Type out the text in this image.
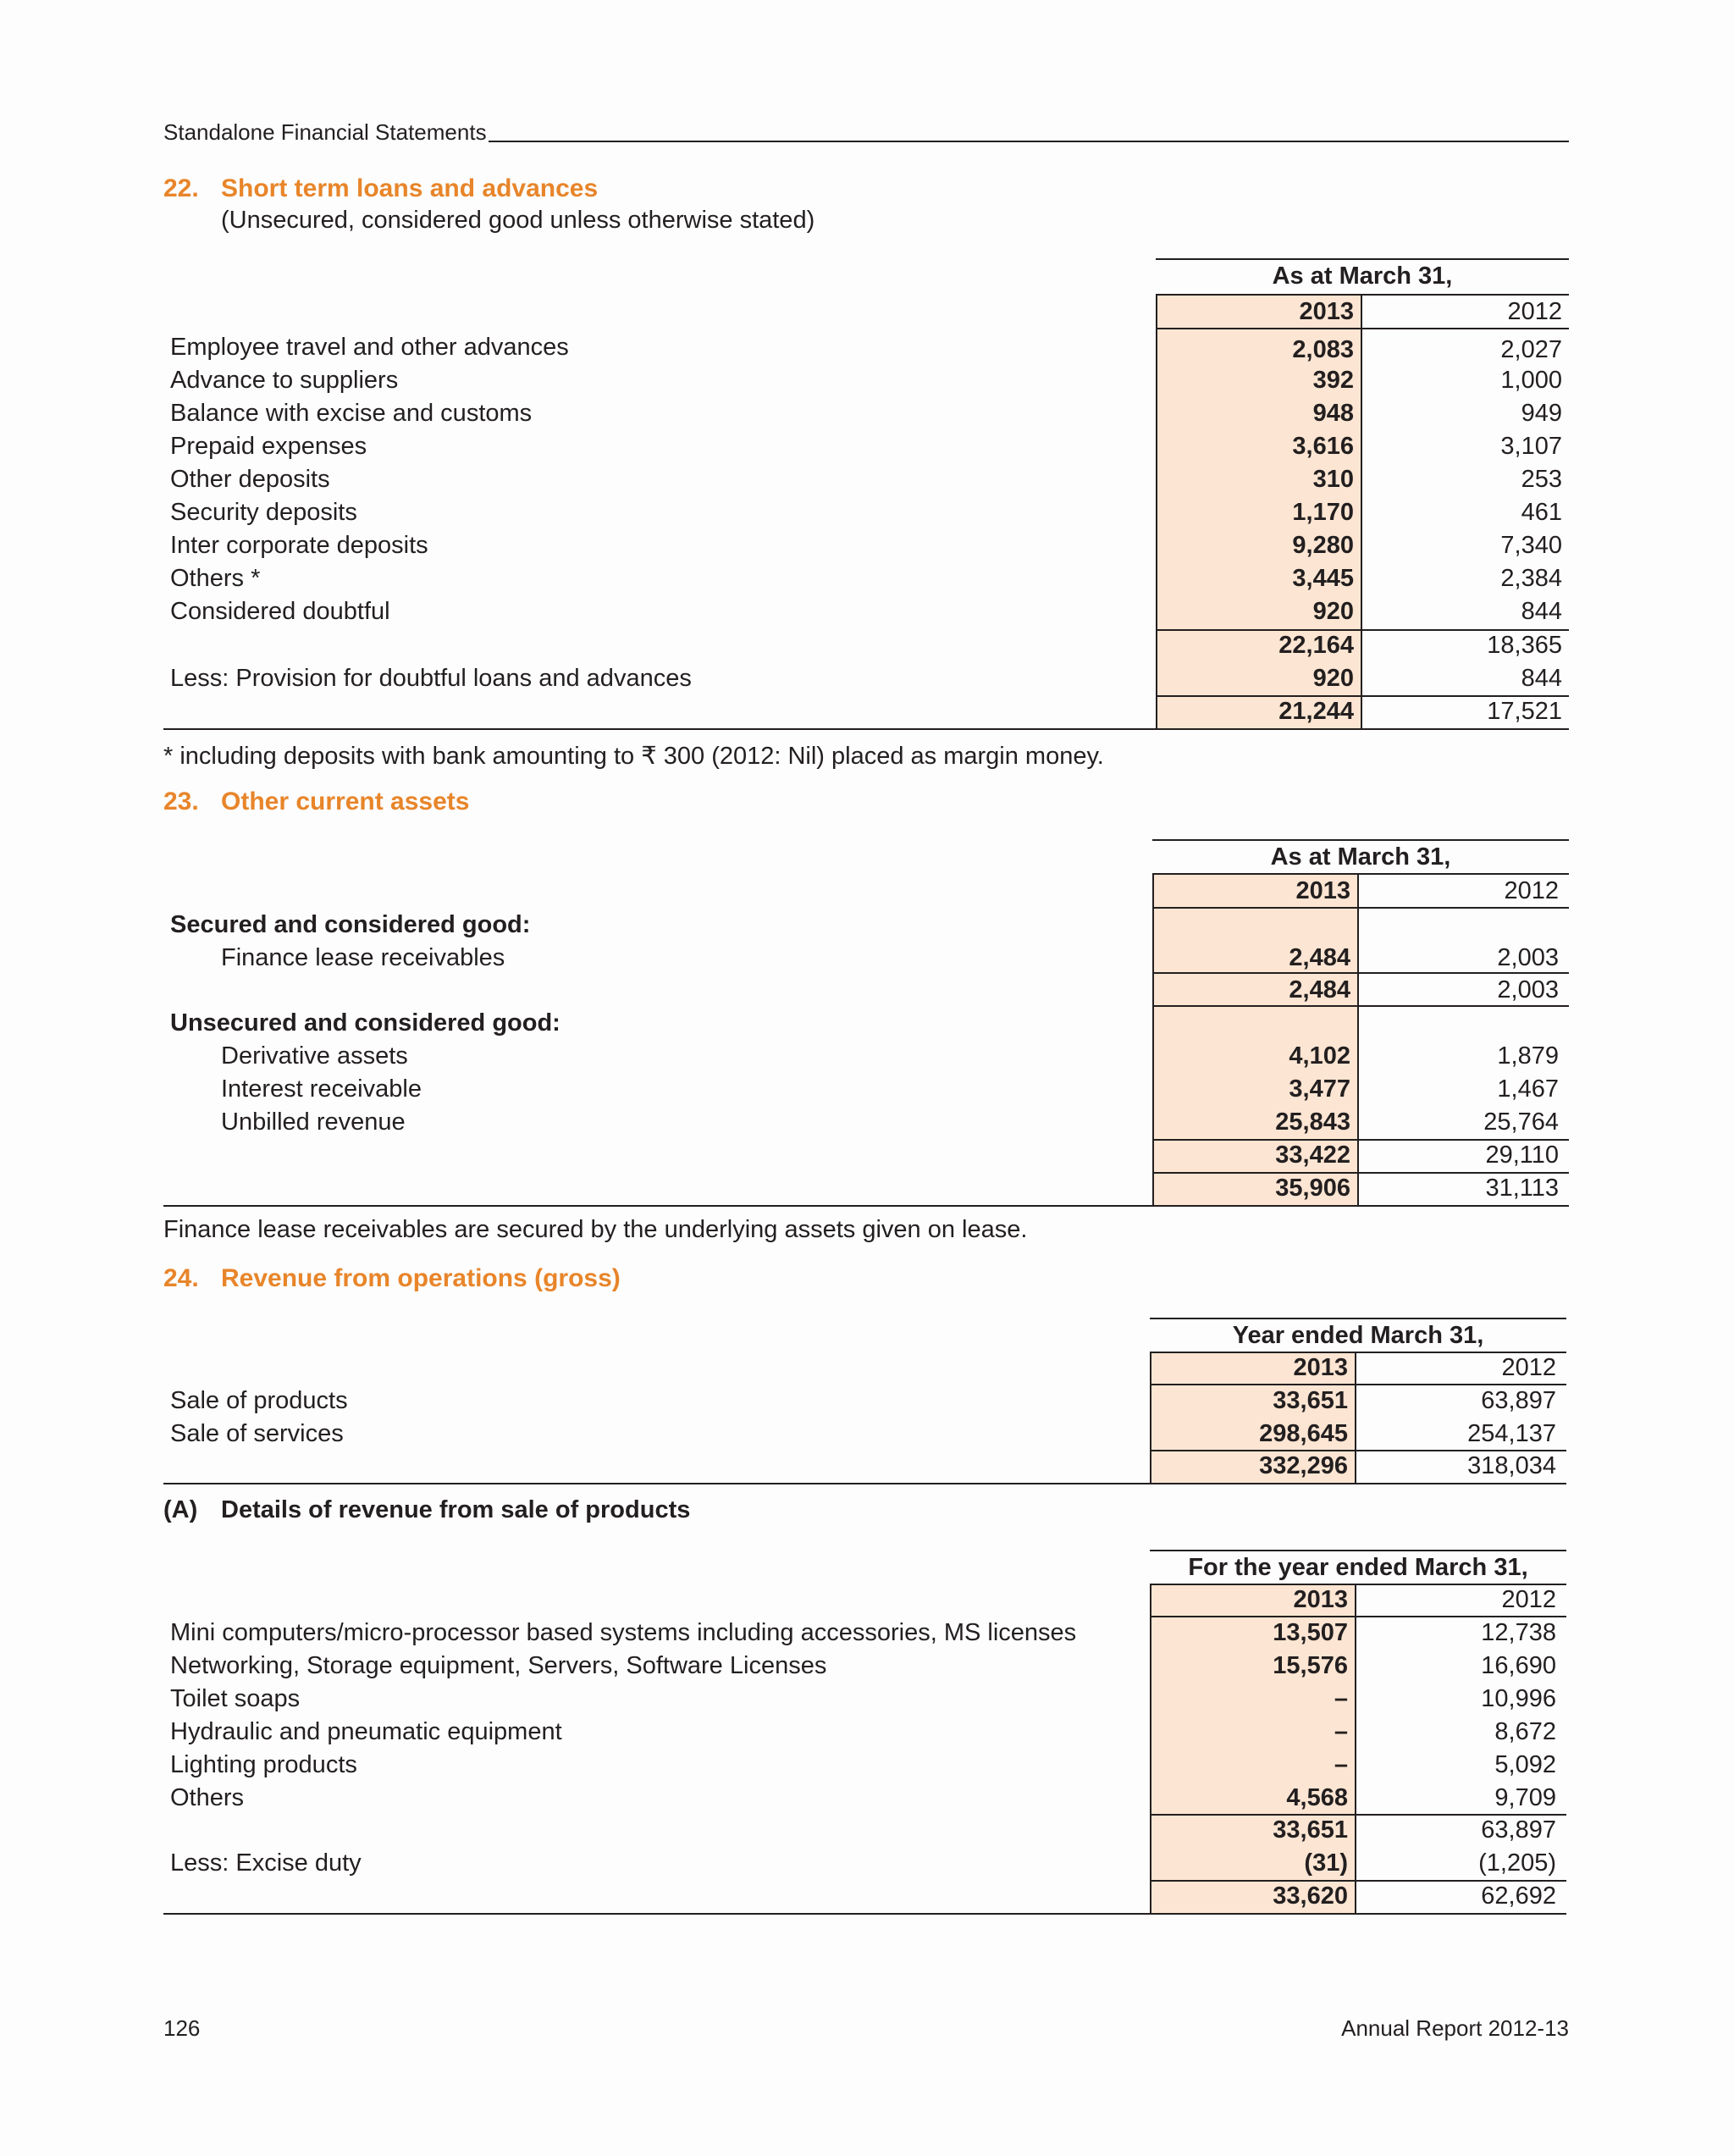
Standalone Financial Statements
22. Short term loans and advances
(Unsecured, considered good unless otherwise stated)
As at March 31,
2013	2012
Employee travel and other advances	2,083	2,027
Advance to suppliers	392	1,000
Balance with excise and customs	948	949
Prepaid expenses	3,616	3,107
Other deposits	310	253
Security deposits	1,170	461
Inter corporate deposits	9,280	7,340
Others *	3,445	2,384
Considered doubtful	920	844
22,164	18,365
Less: Provision for doubtful loans and advances	920	844
21,244	17,521
* including deposits with bank amounting to ₹ 300 (2012: Nil) placed as margin money.
23. Other current assets
As at March 31,
2013	2012
Secured and considered good:
Finance lease receivables	2,484	2,003
2,484	2,003
Unsecured and considered good:
Derivative assets	4,102	1,879
Interest receivable	3,477	1,467
Unbilled revenue	25,843	25,764
33,422	29,110
35,906	31,113
Finance lease receivables are secured by the underlying assets given on lease.
24. Revenue from operations (gross)
Year ended March 31,
2013	2012
Sale of products	33,651	63,897
Sale of services	298,645	254,137
332,296	318,034
(A) Details of revenue from sale of products
For the year ended March 31,
2013	2012
Mini computers/micro-processor based systems including accessories, MS licenses	13,507	12,738
Networking, Storage equipment, Servers, Software Licenses	15,576	16,690
Toilet soaps	–	10,996
Hydraulic and pneumatic equipment	–	8,672
Lighting products	–	5,092
Others	4,568	9,709
33,651	63,897
Less: Excise duty	(31)	(1,205)
33,620	62,692
126	Annual Report 2012-13
